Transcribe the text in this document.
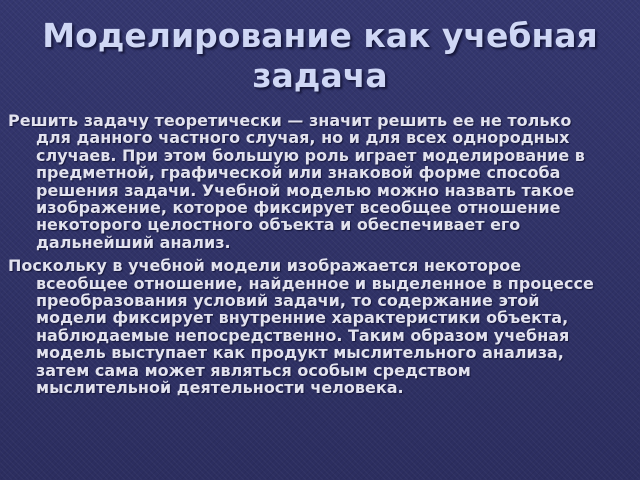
Моделирование как учебная задача
Решить задачу теоретически — значит решить ее не только для данного частного случая, но и для всех однородных случаев. При этом большую роль играет моделирование в предметной, графической или знаковой форме способа решения задачи. Учебной моделью можно назвать такое изображение, которое фиксирует всеобщее отношение некоторого целостного объекта и обеспечивает его дальнейший анализ.
Поскольку в учебной модели изображается некоторое всеобщее отношение, найденное и выделенное в процессе преобразования условий задачи, то содержание этой модели фиксирует внутренние характеристики объекта, наблюдаемые непосредственно. Таким образом учебная модель выступает как продукт мыслительного анализа, затем сама может являться особым средством мыслительной деятельности человека.
